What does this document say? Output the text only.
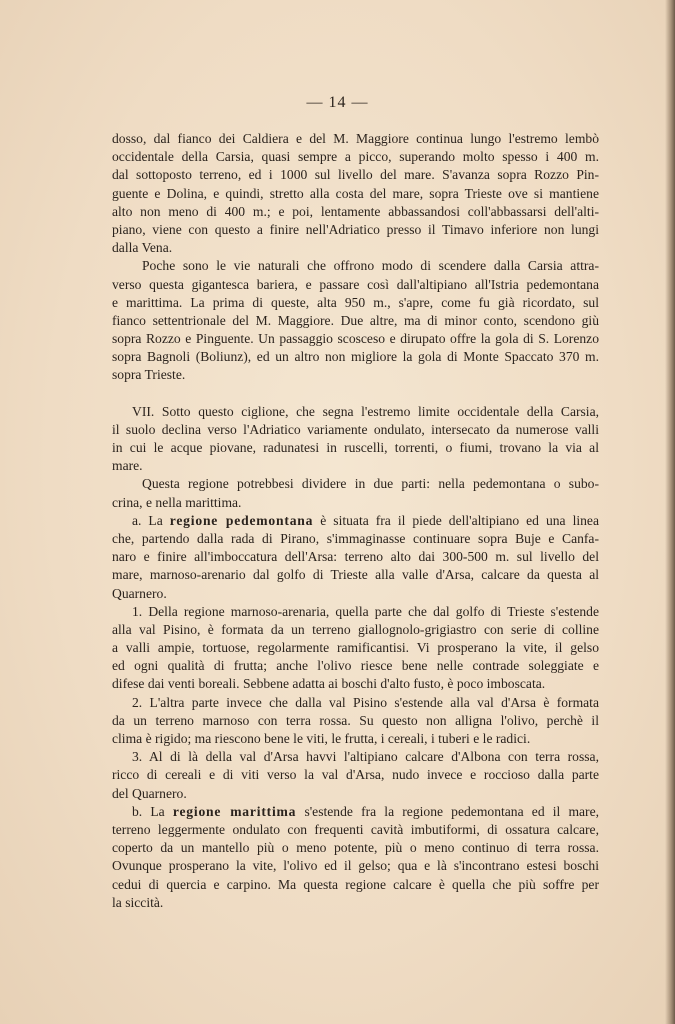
— 14 —
dosso, dal fianco dei Caldiera e del M. Maggiore continua lungo l'estremo lembò
occidentale della Carsia, quasi sempre a picco, superando molto spesso i 400 m.
dal sottoposto terreno, ed i 1000 sul livello del mare. S'avanza sopra Rozzo Pin-
guente e Dolina, e quindi, stretto alla costa del mare, sopra Trieste ove si mantiene
alto non meno di 400 m.; e poi, lentamente abbassandosi coll'abbassarsi dell'alti-
piano, viene con questo a finire nell'Adriatico presso il Timavo inferiore non lungi
dalla Vena.
Poche sono le vie naturali che offrono modo di scendere dalla Carsia attra-
verso questa gigantesca bariera, e passare così dall'altipiano all'Istria pedemontana
e marittima. La prima di queste, alta 950 m., s'apre, come fu già ricordato, sul
fianco settentrionale del M. Maggiore. Due altre, ma di minor conto, scendono giù
sopra Rozzo e Pinguente. Un passaggio scosceso e dirupato offre la gola di S. Lorenzo
sopra Bagnoli (Boliunz), ed un altro non migliore la gola di Monte Spaccato 370 m.
sopra Trieste.
VII. Sotto questo ciglione, che segna l'estremo limite occidentale della Carsia,
il suolo declina verso l'Adriatico variamente ondulato, intersecato da numerose valli
in cui le acque piovane, radunatesi in ruscelli, torrenti, o fiumi, trovano la via al
mare.
Questa regione potrebbesi dividere in due parti: nella pedemontana o subo-
crina, e nella marittima.
a. La regione pedemontana è situata fra il piede dell'altipiano ed una linea
che, partendo dalla rada di Pirano, s'immaginasse continuare sopra Buje e Canfa-
naro e finire all'imboccatura dell'Arsa: terreno alto dai 300-500 m. sul livello del
mare, marnoso-arenario dal golfo di Trieste alla valle d'Arsa, calcare da questa al
Quarnero.
1. Della regione marnoso-arenaria, quella parte che dal golfo di Trieste s'estende
alla val Pisino, è formata da un terreno giallognolo-grigiastro con serie di colline
a valli ampie, tortuose, regolarmente ramificantisi. Vi prosperano la vite, il gelso
ed ogni qualità di frutta; anche l'olivo riesce bene nelle contrade soleggiate e
difese dai venti boreali. Sebbene adatta ai boschi d'alto fusto, è poco imboscata.
2. L'altra parte invece che dalla val Pisino s'estende alla val d'Arsa è formata
da un terreno marnoso con terra rossa. Su questo non alligna l'olivo, perchè il
clima è rigido; ma riescono bene le viti, le frutta, i cereali, i tuberi e le radici.
3. Al di là della val d'Arsa havvi l'altipiano calcare d'Albona con terra rossa,
ricco di cereali e di viti verso la val d'Arsa, nudo invece e roccioso dalla parte
del Quarnero.
b. La regione marittima s'estende fra la regione pedemontana ed il mare,
terreno leggermente ondulato con frequenti cavità imbutiformi, di ossatura calcare,
coperto da un mantello più o meno potente, più o meno continuo di terra rossa.
Ovunque prosperano la vite, l'olivo ed il gelso; qua e là s'incontrano estesi boschi
cedui di quercia e carpino. Ma questa regione calcare è quella che più soffre per
la siccità.
